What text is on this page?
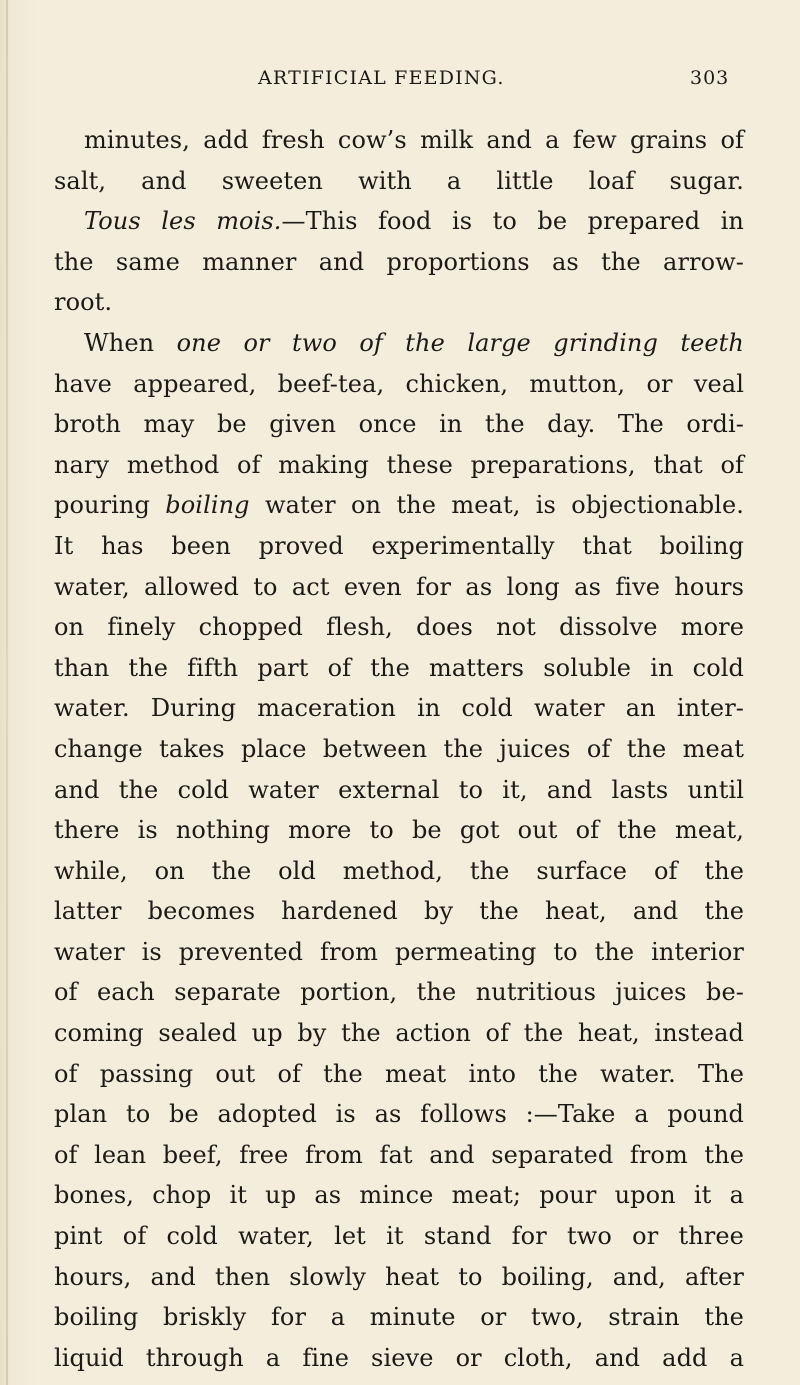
ARTIFICIAL FEEDING.	303
minutes, add fresh cow’s milk and a few grains of
salt, and sweeten with a little loaf sugar.
Tous les mois.—This food is to be prepared in
the same manner and proportions as the arrow-
root.
When one or two of the large grinding teeth
have appeared, beef-tea, chicken, mutton, or veal
broth may be given once in the day. The ordi-
nary method of making these preparations, that of
pouring boiling water on the meat, is objectionable.
It has been proved experimentally that boiling
water, allowed to act even for as long as five hours
on finely chopped flesh, does not dissolve more
than the fifth part of the matters soluble in cold
water. During maceration in cold water an inter-
change takes place between the juices of the meat
and the cold water external to it, and lasts until
there is nothing more to be got out of the meat,
while, on the old method, the surface of the
latter becomes hardened by the heat, and the
water is prevented from permeating to the interior
of each separate portion, the nutritious juices be-
coming sealed up by the action of the heat, instead
of passing out of the meat into the water. The
plan to be adopted is as follows :—Take a pound
of lean beef, free from fat and separated from the
bones, chop it up as mince meat; pour upon it a
pint of cold water, let it stand for two or three
hours, and then slowly heat to boiling, and, after
boiling briskly for a minute or two, strain the
liquid through a fine sieve or cloth, and add a
